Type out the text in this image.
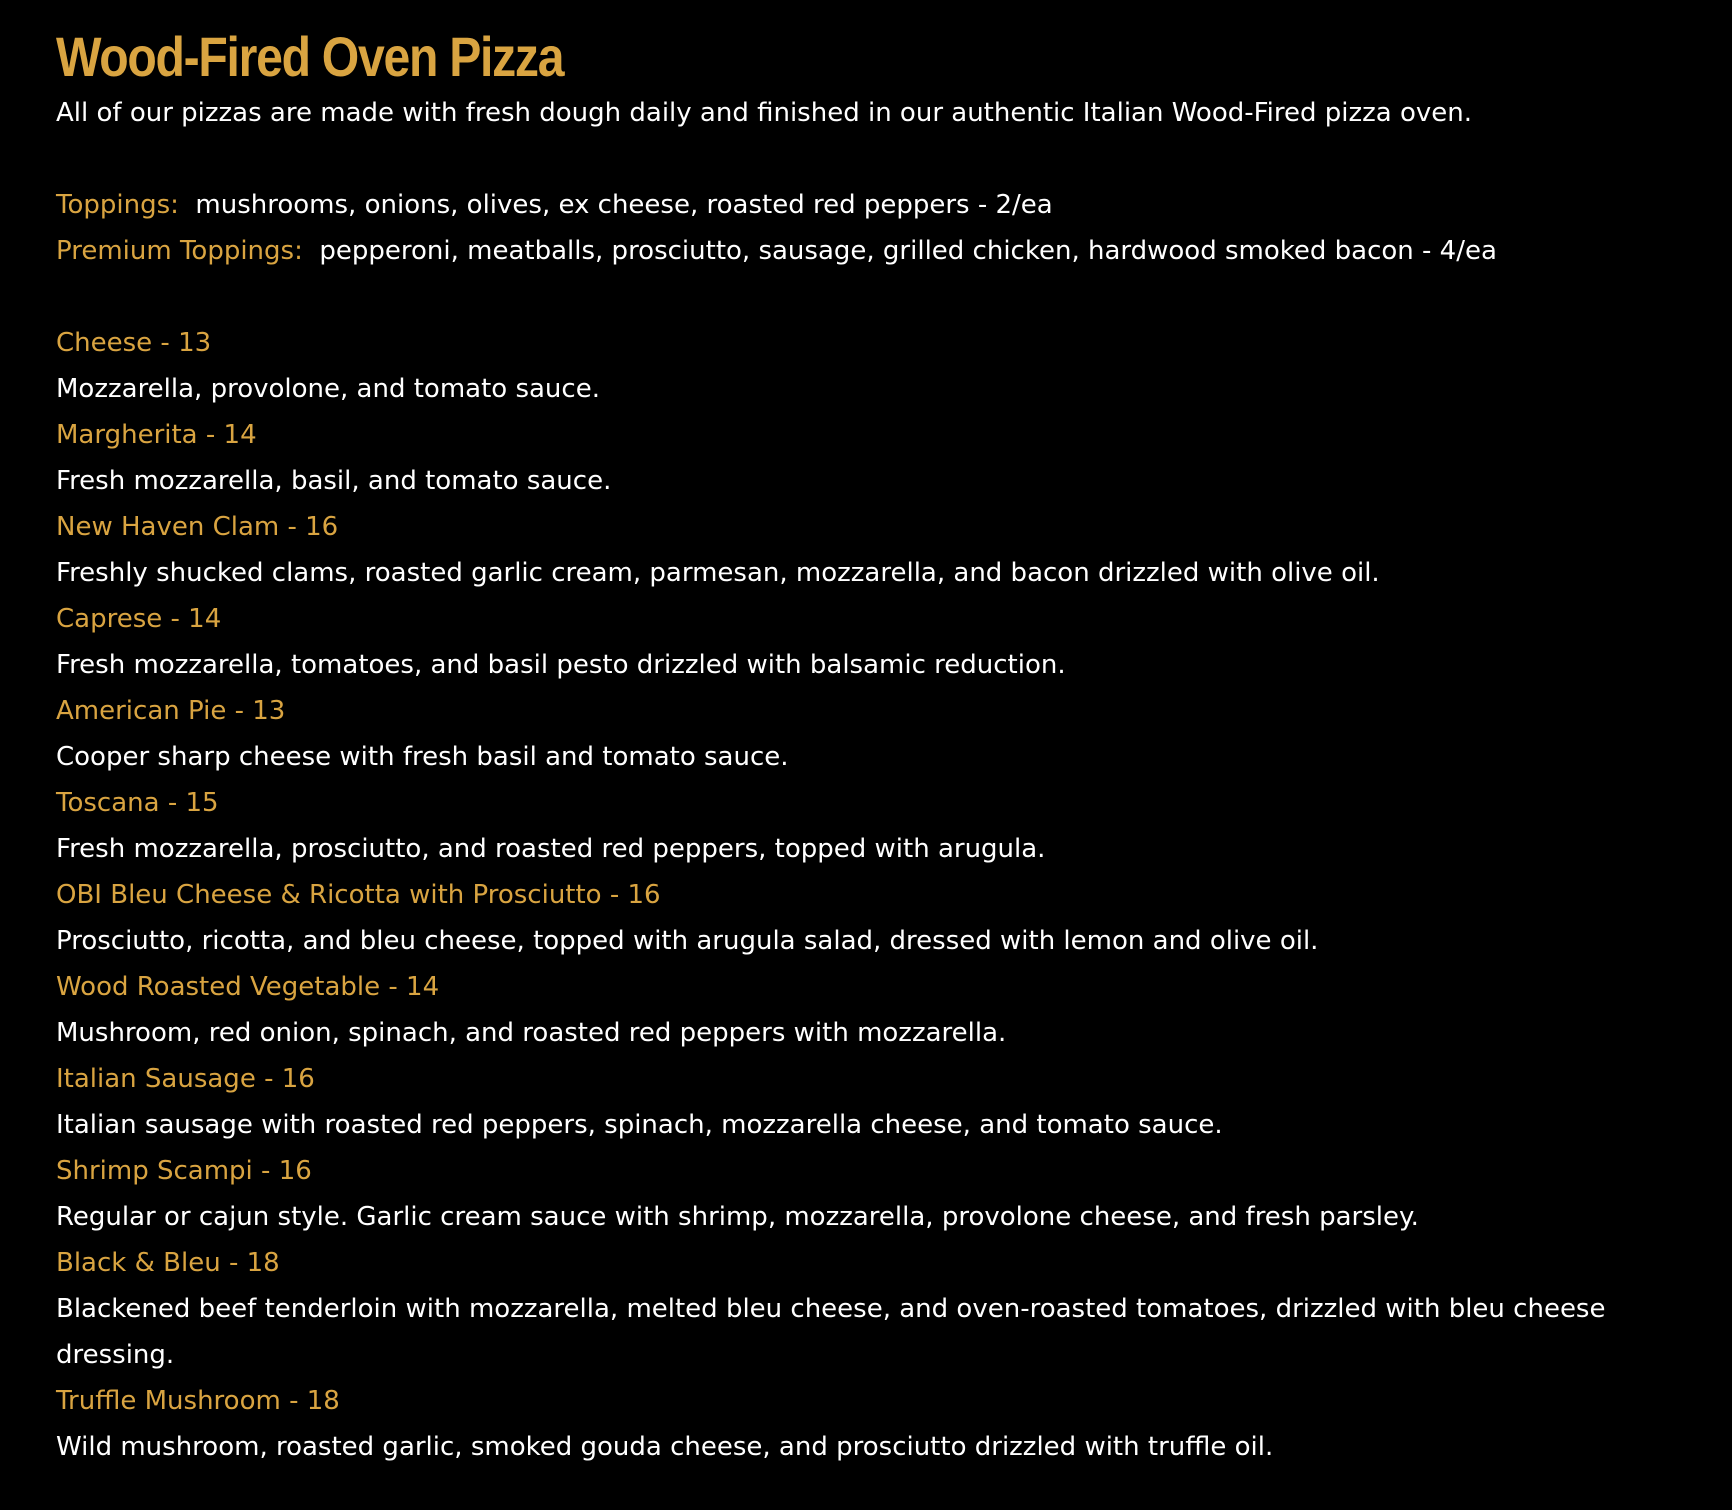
Wood-Fired Oven Pizza
All of our pizzas are made with fresh dough daily and finished in our authentic Italian Wood-Fired pizza oven.
Toppings: mushrooms, onions, olives, ex cheese, roasted red peppers - 2/ea
Premium Toppings: pepperoni, meatballs, prosciutto, sausage, grilled chicken, hardwood smoked bacon - 4/ea
Cheese - 13
Mozzarella, provolone, and tomato sauce.
Margherita - 14
Fresh mozzarella, basil, and tomato sauce.
New Haven Clam - 16
Freshly shucked clams, roasted garlic cream, parmesan, mozzarella, and bacon drizzled with olive oil.
Caprese - 14
Fresh mozzarella, tomatoes, and basil pesto drizzled with balsamic reduction.
American Pie - 13
Cooper sharp cheese with fresh basil and tomato sauce.
Toscana - 15
Fresh mozzarella, prosciutto, and roasted red peppers, topped with arugula.
OBI Bleu Cheese & Ricotta with Prosciutto - 16
Prosciutto, ricotta, and bleu cheese, topped with arugula salad, dressed with lemon and olive oil.
Wood Roasted Vegetable - 14
Mushroom, red onion, spinach, and roasted red peppers with mozzarella.
Italian Sausage - 16
Italian sausage with roasted red peppers, spinach, mozzarella cheese, and tomato sauce.
Shrimp Scampi - 16
Regular or cajun style. Garlic cream sauce with shrimp, mozzarella, provolone cheese, and fresh parsley.
Black & Bleu - 18
Blackened beef tenderloin with mozzarella, melted bleu cheese, and oven-roasted tomatoes, drizzled with bleu cheese dressing.
Truffle Mushroom - 18
Wild mushroom, roasted garlic, smoked gouda cheese, and prosciutto drizzled with truffle oil.
